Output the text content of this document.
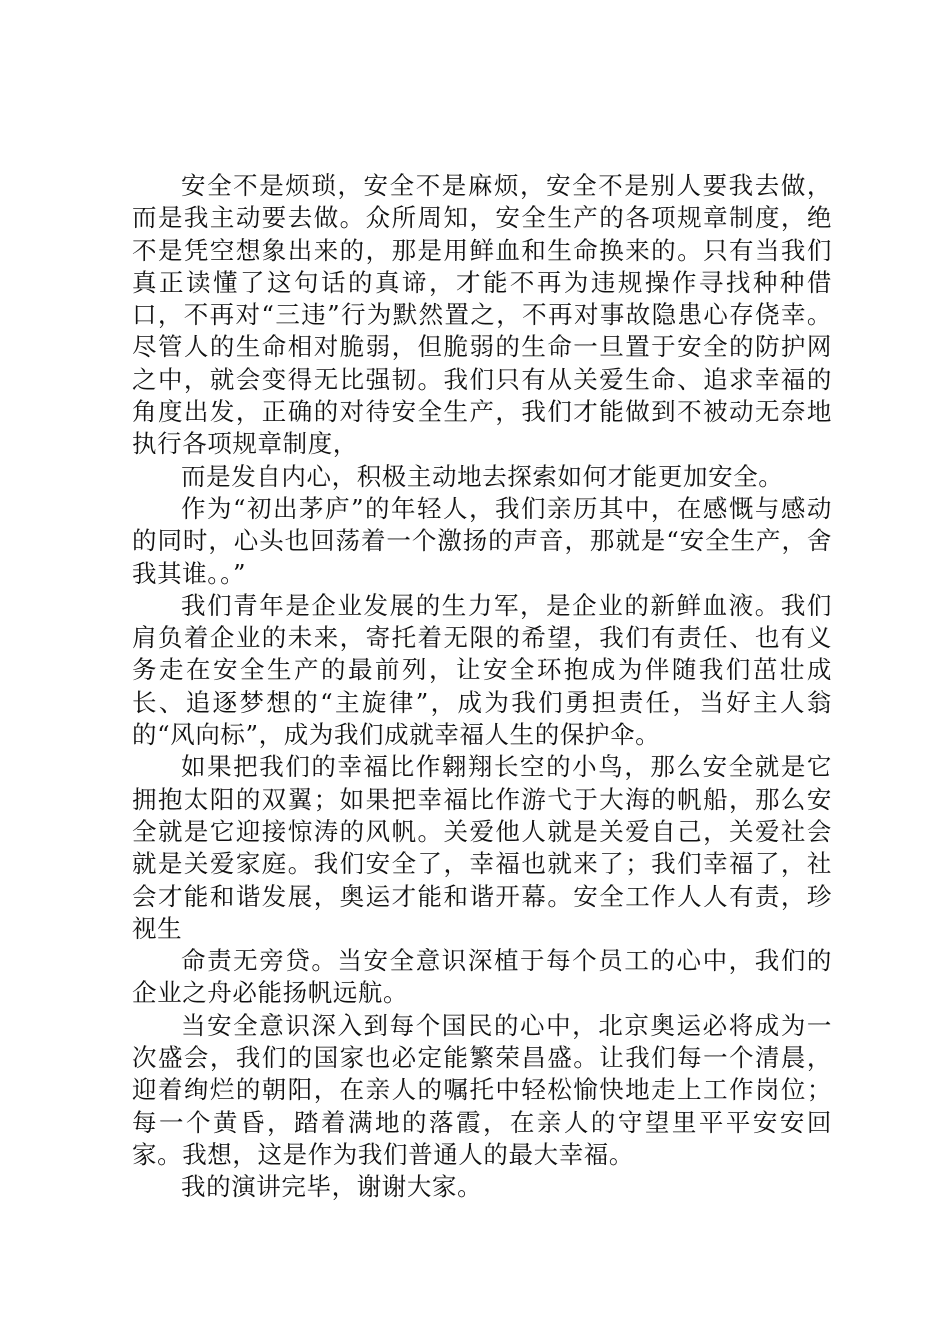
安全不是烦琐，安全不是麻烦，安全不是别人要我去做，而是我主动要去做。众所周知，安全生产的各项规章制度，绝不是凭空想象出来的，那是用鲜血和生命换来的。只有当我们真正读懂了这句话的真谛，才能不再为违规操作寻找种种借口，不再对“三违”行为默然置之，不再对事故隐患心存侥幸。尽管人的生命相对脆弱，但脆弱的生命一旦置于安全的防护网之中，就会变得无比强韧。我们只有从关爱生命、追求幸福的角度出发，正确的对待安全生产，我们才能做到不被动无奈地执行各项规章制度，

而是发自内心，积极主动地去探索如何才能更加安全。

作为“初出茅庐”的年轻人，我们亲历其中，在感慨与感动的同时，心头也回荡着一个激扬的声音，那就是“安全生产，舍我其谁。。”

我们青年是企业发展的生力军，是企业的新鲜血液。我们肩负着企业的未来，寄托着无限的希望，我们有责任、也有义务走在安全生产的最前列，让安全环抱成为伴随我们茁壮成长、追逐梦想的“主旋律”，成为我们勇担责任，当好主人翁的“风向标”，成为我们成就幸福人生的保护伞。

如果把我们的幸福比作翱翔长空的小鸟，那么安全就是它拥抱太阳的双翼；如果把幸福比作游弋于大海的帆船，那么安全就是它迎接惊涛的风帆。关爱他人就是关爱自己，关爱社会就是关爱家庭。我们安全了，幸福也就来了；我们幸福了，社会才能和谐发展，奥运才能和谐开幕。安全工作人人有责，珍视生

命责无旁贷。当安全意识深植于每个员工的心中，我们的企业之舟必能扬帆远航。

当安全意识深入到每个国民的心中，北京奥运必将成为一次盛会，我们的国家也必定能繁荣昌盛。让我们每一个清晨，迎着绚烂的朝阳，在亲人的嘱托中轻松愉快地走上工作岗位；每一个黄昏，踏着满地的落霞，在亲人的守望里平平安安回家。我想，这是作为我们普通人的最大幸福。

我的演讲完毕，谢谢大家。
